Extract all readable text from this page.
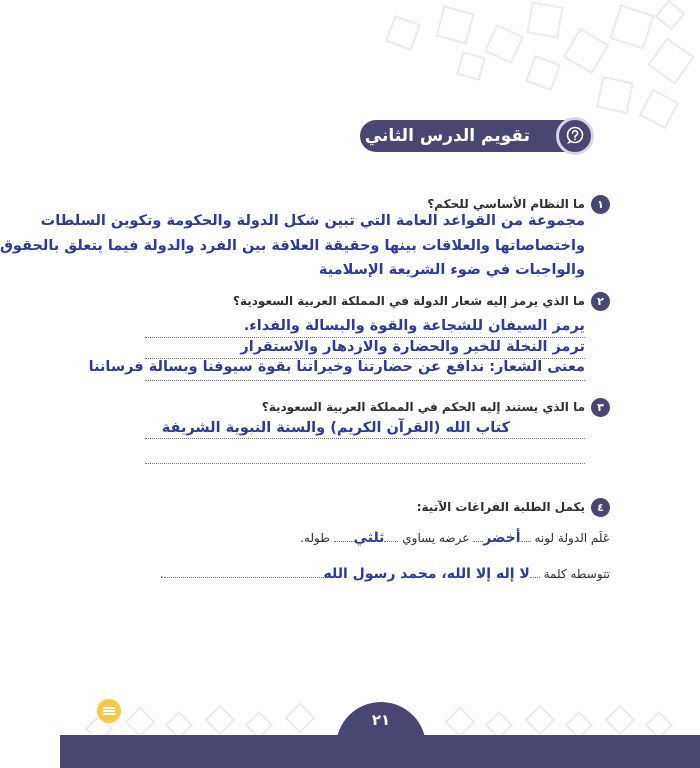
تقويم الدرس الثاني
١
ما النظام الأساسي للحكم؟
مجموعة من القواعد العامة التي تبين شكل الدولة والحكومة وتكوين السلطات
واختصاصاتها والعلاقات بينها وحقيقة العلاقة بين الفرد والدولة فيما يتعلق بالحقوق
والواجبات في ضوء الشريعة الإسلامية
٢
ما الذي يرمز إليه شعار الدولة في المملكة العربية السعودية؟
يرمز السيفان للشجاعة والقوة والبسالة والفداء.
ترمز النخلة للخير والحضارة والازدهار والاستقرار
معنى الشعار: ندافع عن حضارتنا وخيراتنا بقوة سيوفنا وبسالة فرساننا
٣
ما الذي يستند إليه الحكم في المملكة العربية السعودية؟
كتاب الله (القرآن الكريم) والسنة النبوية الشريفة
٤
يكمل الطلبة الفراغات الآتية:
عَلَم الدولة لونه أخضر عرضه يساوي ثلثي طوله.
تتوسطه كلمة لا إله إلا الله، محمد رسول الله.
٢١
